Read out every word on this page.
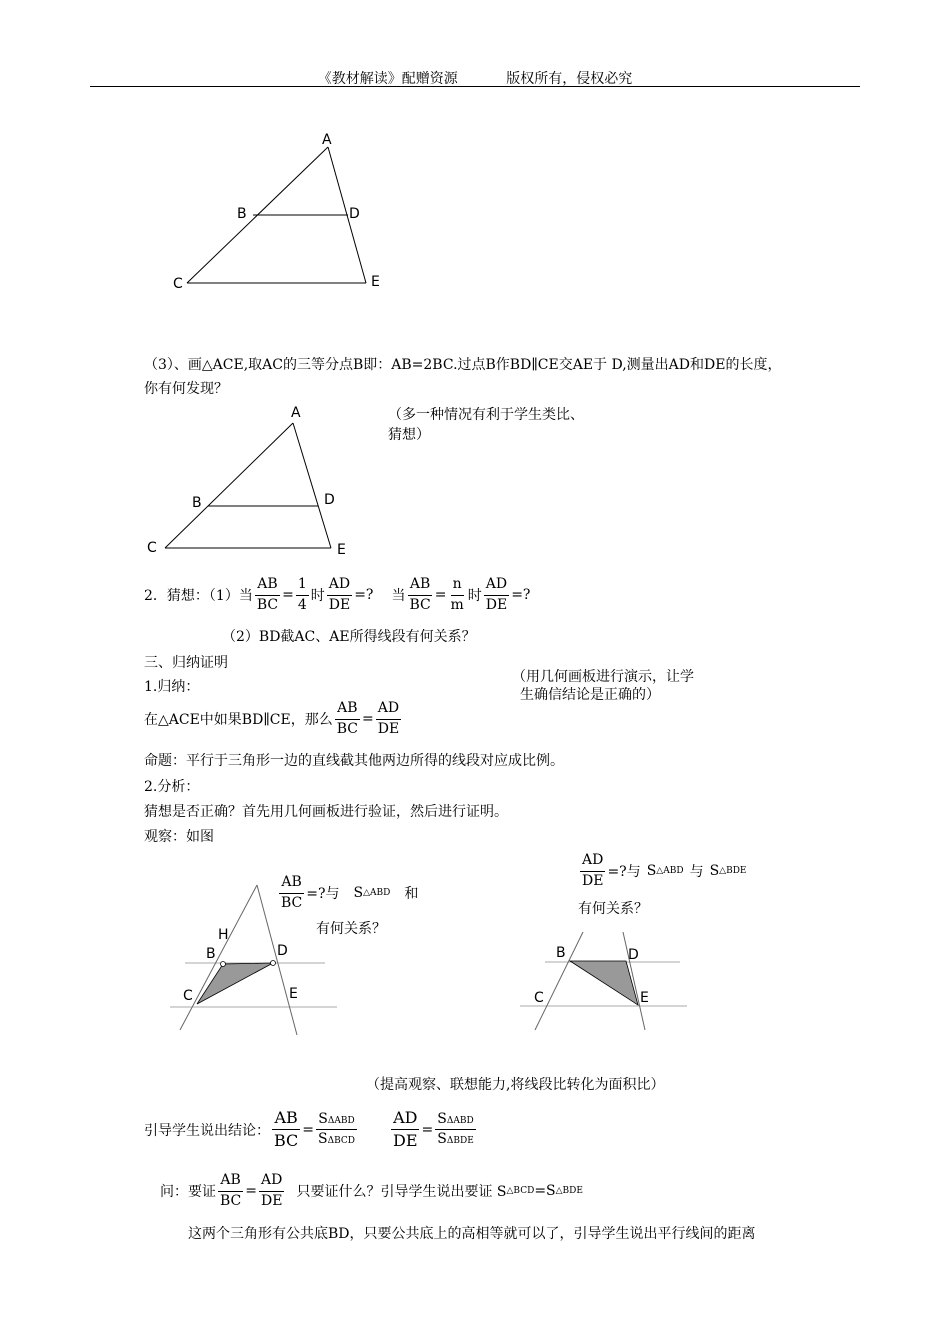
《教材解读》配赠资源	版权所有，侵权必究
A
B	D
C	E
（3）、画△ACE,取AC的三等分点B即：AB=2BC.过点B作BD∥CE交AE于 D,测量出AD和DE的长度，
你有何发现？
A
B	D
C	E
（多一种情况有利于学生类比、
猜想）
2．猜想：（1）当 $\frac{AB}{BC} = \frac{1}{4}$ 时 $\frac{AD}{DE}$ =? 当 $\frac{AB}{BC} = \frac{n}{m}$ 时 $\frac{AD}{DE}$ =?
（2）BD截AC、AE所得线段有何关系？
三、归纳证明
1.归纳：
（用几何画板进行演示，让学
生确信结论是正确的）
在△ACE中如果BD∥CE，那么 $\frac{AB}{BC} = \frac{AD}{DE}$
命题：平行于三角形一边的直线截其他两边所得的线段对应成比例。
2.分析：
猜想是否正确？首先用几何画板进行验证，然后进行证明。
观察：如图
$\frac{AB}{BC}$ =?与 S △ABD 和
有何关系？
H
B	D
C	E
$\frac{AD}{DE}$ =?与 S △ABD 与 S △BDE
有何关系？
B	D
C	E
（提高观察、联想能力,将线段比转化为面积比）
引导学生说出结论： $\frac{AB}{BC} = \frac{\text{SΔABD}}{\text{SΔBCD}} \frac{AD}{DE} = \frac{\text{SΔABD}}{\text{SΔBDE}}$
问：要证 $\frac{AB}{BC} = \frac{AD}{DE}$ 只要证什么？引导学生说出要证 S △BCD =S △BDE
这两个三角形有公共底BD，只要公共底上的高相等就可以了，引导学生说出平行线间的距离
